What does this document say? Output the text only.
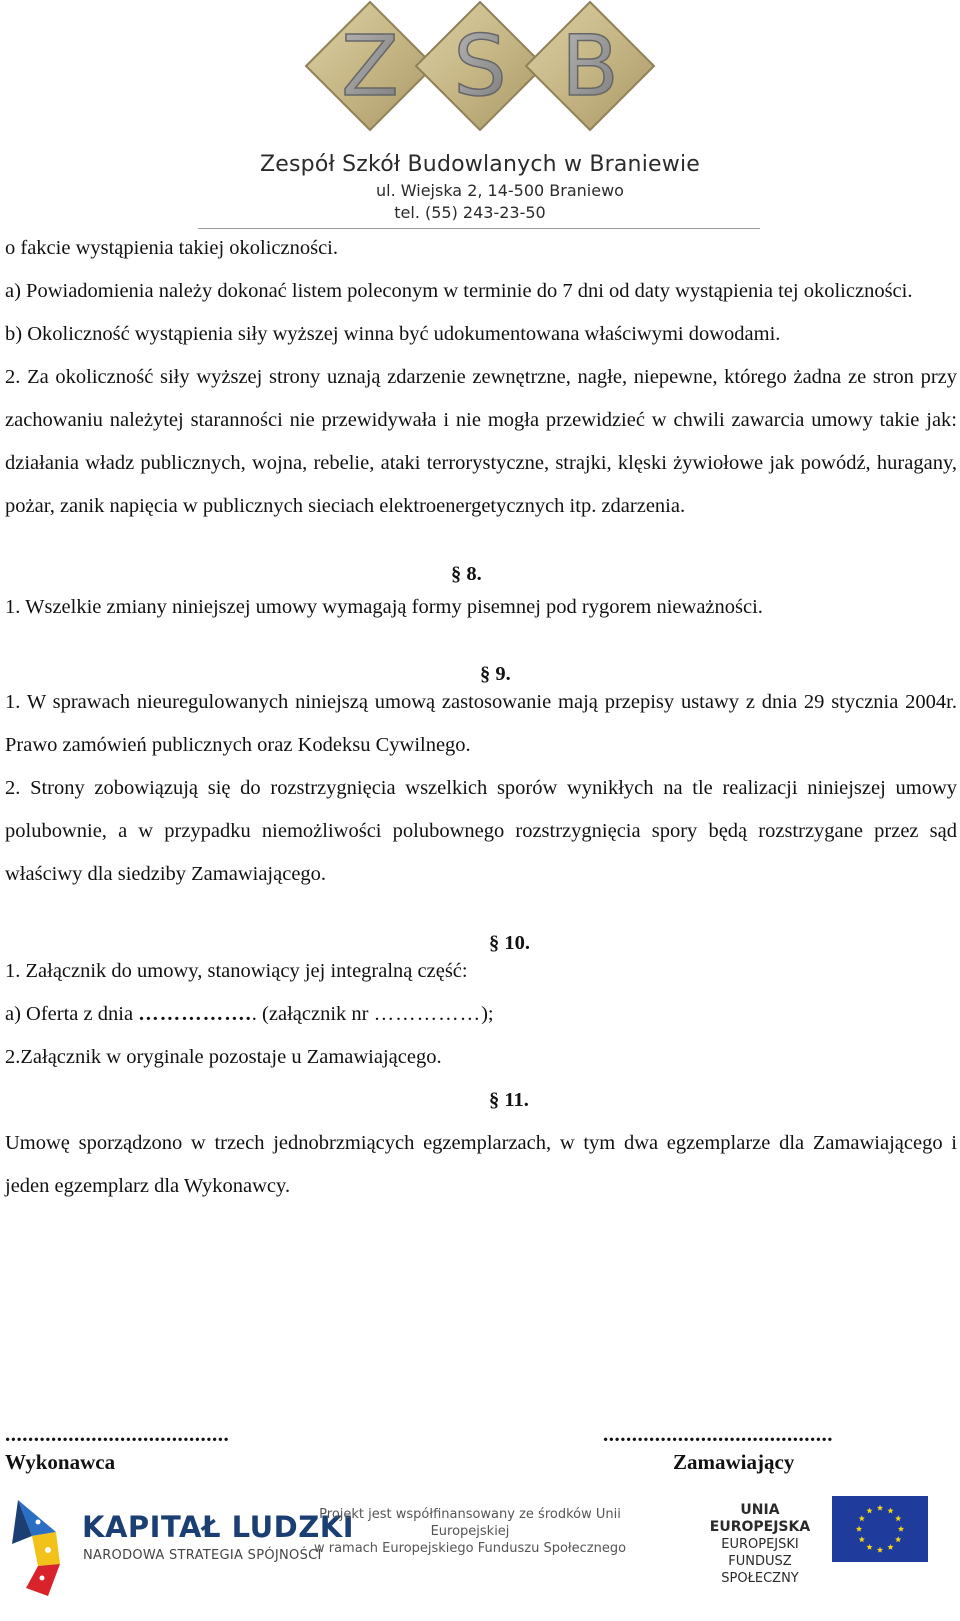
Z S B
Zespół Szkół Budowlanych w Braniewie
ul. Wiejska 2, 14-500 Braniewo
tel. (55) 243-23-50

o fakcie wystąpienia takiej okoliczności.

a) Powiadomienia należy dokonać listem poleconym w terminie do 7 dni od daty wystąpienia tej okoliczności.

b) Okoliczność wystąpienia siły wyższej winna być udokumentowana właściwymi dowodami.

2. Za okoliczność siły wyższej strony uznają zdarzenie zewnętrzne, nagłe, niepewne, którego żadna ze stron przy zachowaniu należytej staranności nie przewidywała i nie mogła przewidzieć w chwili zawarcia umowy takie jak: działania władz publicznych, wojna, rebelie, ataki terrorystyczne, strajki, klęski żywiołowe jak powódź, huragany, pożar, zanik napięcia w publicznych sieciach elektroenergetycznych itp. zdarzenia.

§ 8.

1. Wszelkie zmiany niniejszej umowy wymagają formy pisemnej pod rygorem nieważności.

§ 9.

1. W sprawach nieuregulowanych niniejszą umową zastosowanie mają przepisy ustawy z dnia 29 stycznia 2004r. Prawo zamówień publicznych oraz Kodeksu Cywilnego.

2. Strony zobowiązują się do rozstrzygnięcia wszelkich sporów wynikłych na tle realizacji niniejszej umowy polubownie, a w przypadku niemożliwości polubownego rozstrzygnięcia spory będą rozstrzygane przez sąd właściwy dla siedziby Zamawiającego.

§ 10.

1. Załącznik do umowy, stanowiący jej integralną część:

a) Oferta z dnia …………….. (załącznik nr ……………);

2.Załącznik w oryginale pozostaje u Zamawiającego.

§ 11.

Umowę sporządzono w trzech jednobrzmiących egzemplarzach, w tym dwa egzemplarze dla Zamawiającego i jeden egzemplarz dla Wykonawcy.

.......................................
Wykonawca
........................................
Zamawiający
KAPITAŁ LUDZKI
NARODOWA STRATEGIA SPÓJNOŚCI
Projekt jest współfinansowany ze środków Unii Europejskiej
w ramach Europejskiego Funduszu Społecznego
UNIA EUROPEJSKA
EUROPEJSKI
FUNDUSZ SPOŁECZNY
